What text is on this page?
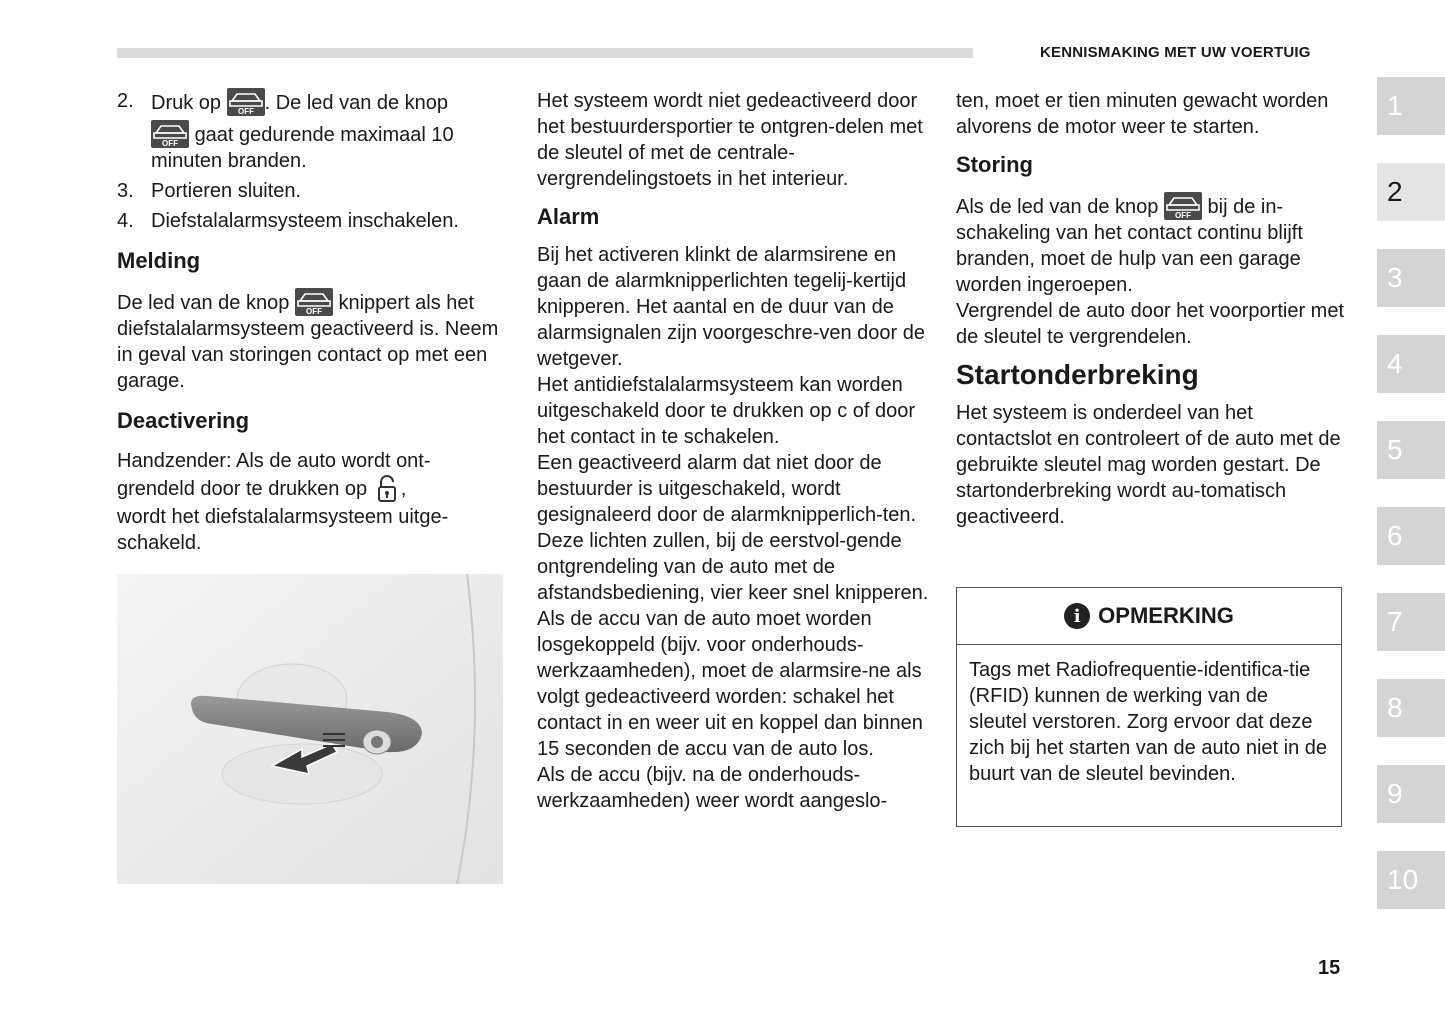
KENNISMAKING MET UW VOERTUIG
2. Druk op OFF . De led van de knop
OFF gaat gedurende maximaal 10 minuten branden.
3. Portieren sluiten.
4. Diefstalalarmsysteem inschakelen.
Melding

De led van de knop OFF knippert als het diefstalalarmsysteem geactiveerd is. Neem in geval van storingen contact op met een garage.

Deactivering

Handzender: Als de auto wordt ont-
grendeld door te drukken op ,
wordt het diefstalalarmsysteem uitge-schakeld.

Het systeem wordt niet gedeactiveerd door het bestuurdersportier te ontgren-delen met de sleutel of met de centrale-vergrendelingstoets in het interieur.

Alarm

Bij het activeren klinkt de alarmsirene en gaan de alarmknipperlichten tegelij-kertijd knipperen. Het aantal en de duur van de alarmsignalen zijn voorgeschre-ven door de wetgever.

Het antidiefstalalarmsysteem kan worden uitgeschakeld door te drukken op c of door het contact in te schakelen.

Een geactiveerd alarm dat niet door de bestuurder is uitgeschakeld, wordt gesignaleerd door de alarmknipperlich-ten. Deze lichten zullen, bij de eerstvol-gende ontgrendeling van de auto met de afstandsbediening, vier keer snel knipperen.

Als de accu van de auto moet worden losgekoppeld (bijv. voor onderhouds-werkzaamheden), moet de alarmsire-ne als volgt gedeactiveerd worden: schakel het contact in en weer uit en koppel dan binnen 15 seconden de accu van de auto los.

Als de accu (bijv. na de onderhouds-werkzaamheden) weer wordt aangeslo-

ten, moet er tien minuten gewacht worden alvorens de motor weer te starten.

Storing

Als de led van de knop OFF bij de in-schakeling van het contact continu blijft branden, moet de hulp van een garage worden ingeroepen.

Vergrendel de auto door het voorportier met de sleutel te vergrendelen.

Startonderbreking

Het systeem is onderdeel van het contactslot en controleert of de auto met de gebruikte sleutel mag worden gestart. De startonderbreking wordt au-tomatisch geactiveerd.

i OPMERKING
Tags met Radiofrequentie-identifica-tie (RFID) kunnen de werking van de sleutel verstoren. Zorg ervoor dat deze zich bij het starten van de auto niet in de buurt van de sleutel bevinden.
1
2
3
4
5
6
7
8
9
10
15
